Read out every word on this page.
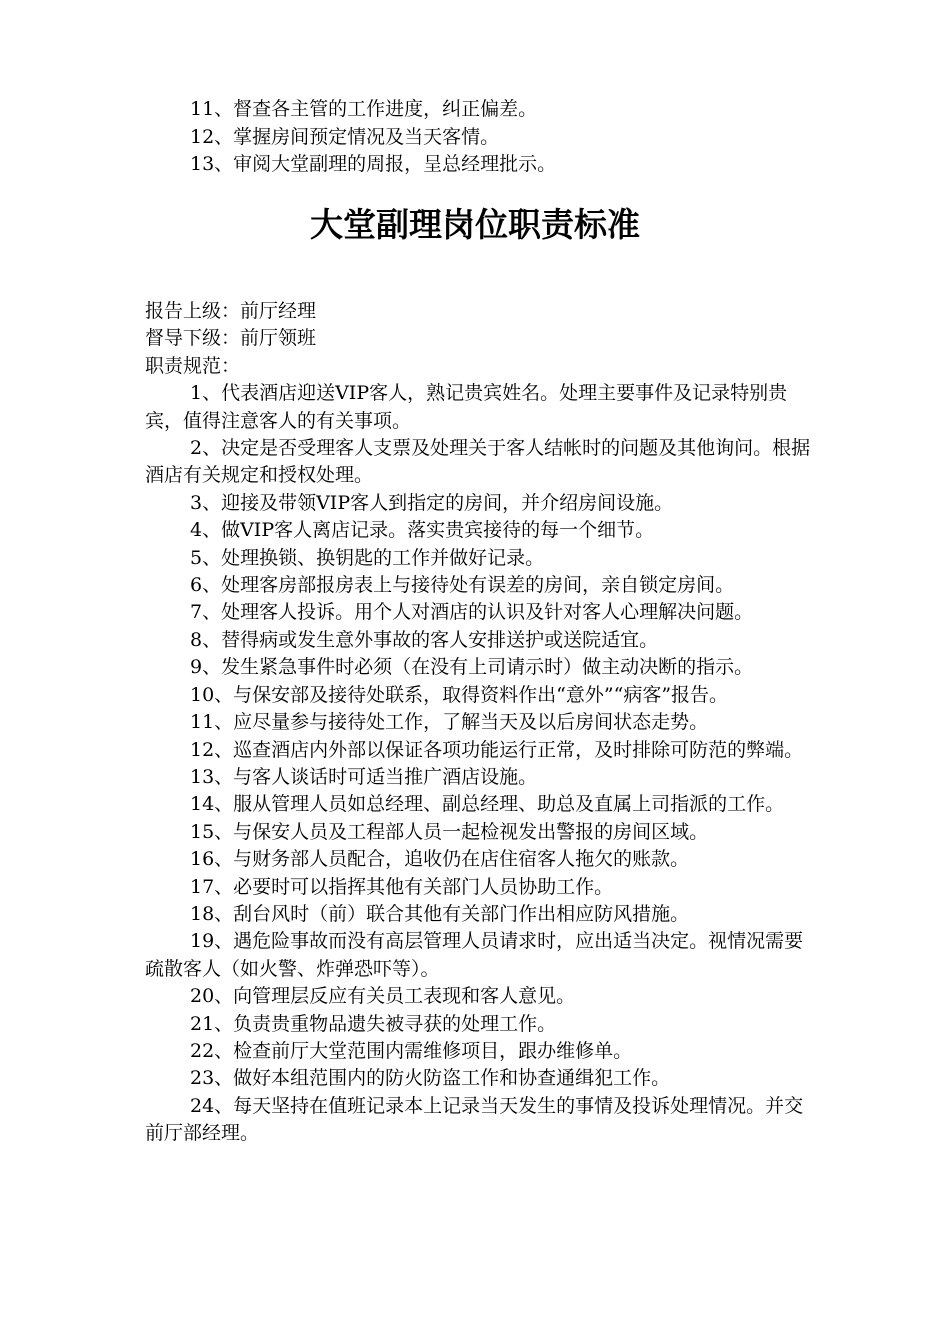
11、督查各主管的工作进度，纠正偏差。

12、掌握房间预定情况及当天客情。

13、审阅大堂副理的周报，呈总经理批示。

大堂副理岗位职责标准

报告上级：前厅经理

督导下级：前厅领班

职责规范：

1、代表酒店迎送VIP客人，熟记贵宾姓名。处理主要事件及记录特别贵宾，值得注意客人的有关事项。

2、决定是否受理客人支票及处理关于客人结帐时的问题及其他询问。根据酒店有关规定和授权处理。

3、迎接及带领VIP客人到指定的房间，并介绍房间设施。

4、做VIP客人离店记录。落实贵宾接待的每一个细节。

5、处理换锁、换钥匙的工作并做好记录。

6、处理客房部报房表上与接待处有误差的房间，亲自锁定房间。

7、处理客人投诉。用个人对酒店的认识及针对客人心理解决问题。

8、替得病或发生意外事故的客人安排送护或送院适宜。

9、发生紧急事件时必须（在没有上司请示时）做主动决断的指示。

10、与保安部及接待处联系，取得资料作出“意外”“病客”报告。

11、应尽量参与接待处工作，了解当天及以后房间状态走势。

12、巡查酒店内外部以保证各项功能运行正常，及时排除可防范的弊端。

13、与客人谈话时可适当推广酒店设施。

14、服从管理人员如总经理、副总经理、助总及直属上司指派的工作。

15、与保安人员及工程部人员一起检视发出警报的房间区域。

16、与财务部人员配合，追收仍在店住宿客人拖欠的账款。

17、必要时可以指挥其他有关部门人员协助工作。

18、刮台风时（前）联合其他有关部门作出相应防风措施。

19、遇危险事故而没有高层管理人员请求时，应出适当决定。视情况需要疏散客人（如火警、炸弹恐吓等）。

20、向管理层反应有关员工表现和客人意见。

21、负责贵重物品遗失被寻获的处理工作。

22、检查前厅大堂范围内需维修项目，跟办维修单。

23、做好本组范围内的防火防盗工作和协查通缉犯工作。

24、每天坚持在值班记录本上记录当天发生的事情及投诉处理情况。并交前厅部经理。
